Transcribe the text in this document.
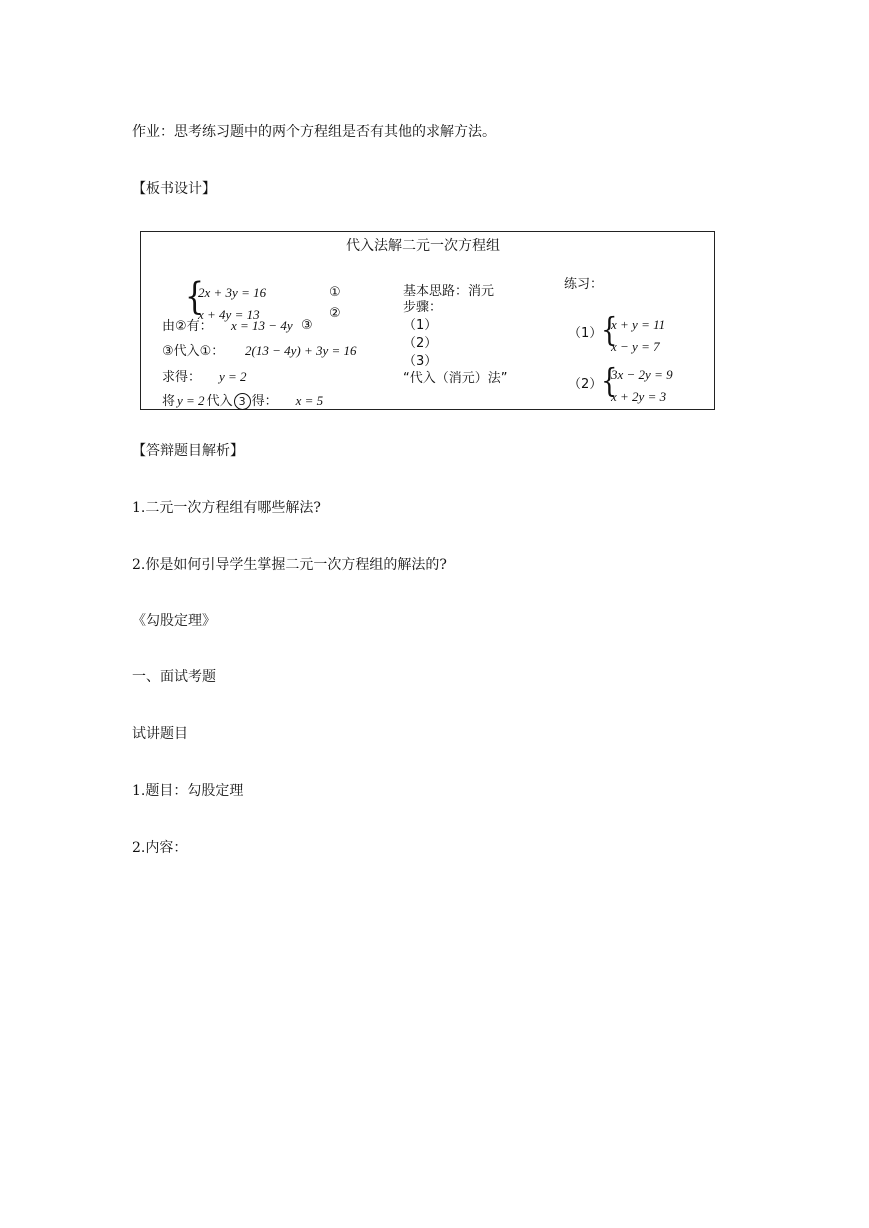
作业：思考练习题中的两个方程组是否有其他的求解方法。
【板书设计】
代入法解二元一次方程组
{
2x + 3y = 16	①
x + 4y = 13	②
由②有： x = 13 − 4y ③
③代入①： 2(13 − 4y) + 3y = 16
求得： y = 2
将 y = 2 代入 3 得： x = 5
基本思路：消元
步骤：
（1）
（2）
（3）
“代入（消元）法”
练习：
（1）
{
x + y = 11
x − y = 7
（2）
{
3x − 2y = 9
x + 2y = 3
【答辩题目解析】
1.二元一次方程组有哪些解法?
2.你是如何引导学生掌握二元一次方程组的解法的?
《勾股定理》
一、面试考题
试讲题目
1.题目：勾股定理
2.内容：
